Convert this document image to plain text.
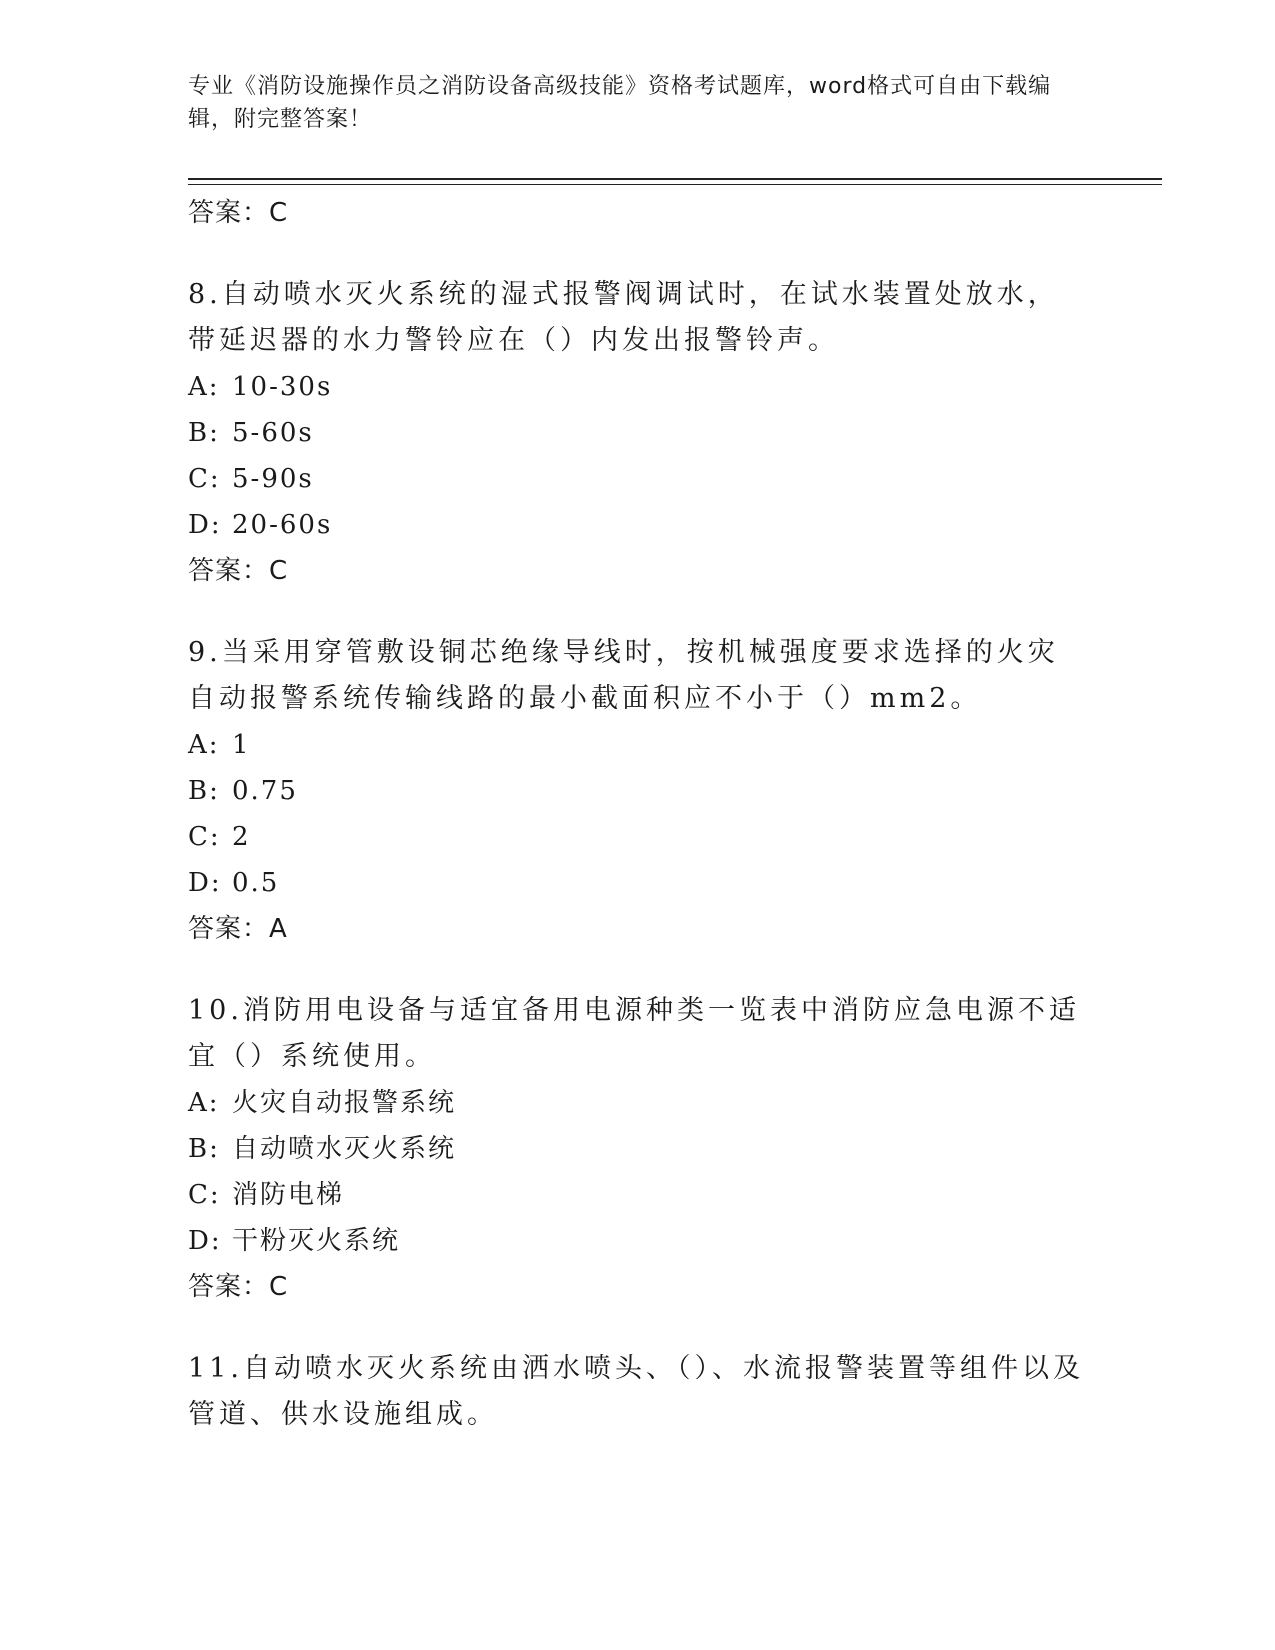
专业《消防设施操作员之消防设备高级技能》资格考试题库，word格式可自由下载编辑，附完整答案！
答案：C
8.自动喷水灭火系统的湿式报警阀调试时，在试水装置处放水，带延迟器的水力警铃应在（）内发出报警铃声。
A: 10-30s
B: 5-60s
C: 5-90s
D: 20-60s
答案：C
9.当采用穿管敷设铜芯绝缘导线时，按机械强度要求选择的火灾自动报警系统传输线路的最小截面积应不小于（）mm2。
A: 1
B: 0.75
C: 2
D: 0.5
答案：A
10.消防用电设备与适宜备用电源种类一览表中消防应急电源不适宜（）系统使用。
A: 火灾自动报警系统
B: 自动喷水灭火系统
C: 消防电梯
D: 干粉灭火系统
答案：C
11.自动喷水灭火系统由洒水喷头、（）、水流报警装置等组件以及管道、供水设施组成。
